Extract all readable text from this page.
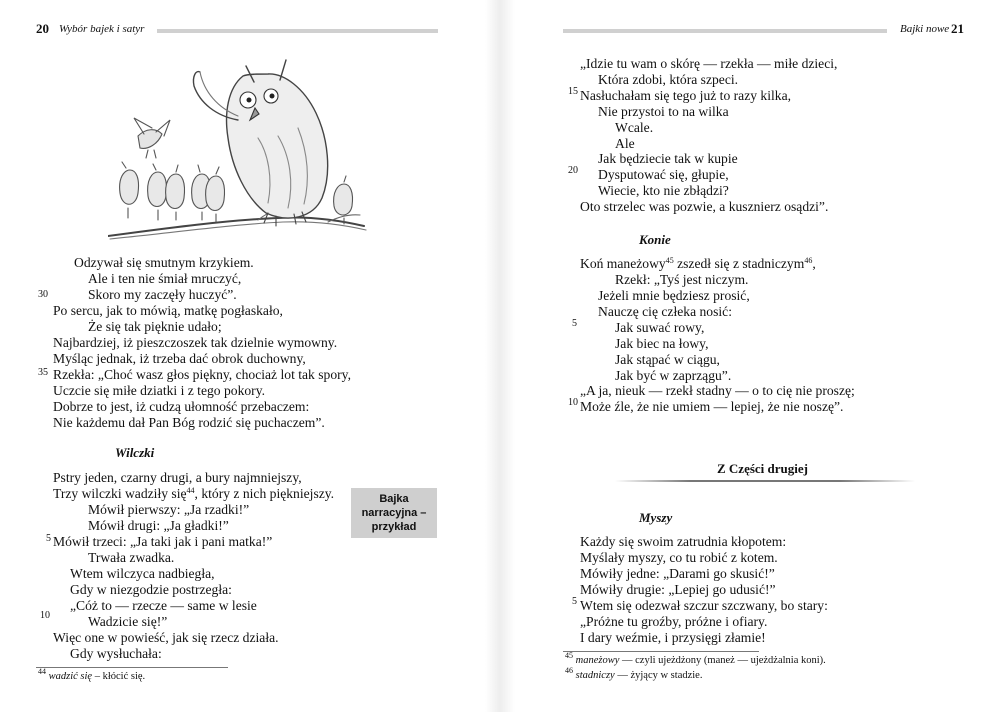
20 Wybór bajek i satyr
Odzywał się smutnym krzykiem.
Ale i ten nie śmiał mruczyć,
30	Skoro my zaczęły huczyć”.
Po sercu, jak to mówią, matkę pogłaskało,
Że się tak pięknie udało;
Najbardziej, iż pieszczoszek tak dzielnie wymowny.
Myśląc jednak, iż trzeba dać obrok duchowny,
35 Rzekła: „Choć wasz głos piękny, chociaż lot tak spory,
Uczcie się miłe dziatki i z tego pokory.
Dobrze to jest, iż cudzą ułomność przebaczem:
Nie każdemu dał Pan Bóg rodzić się puchaczem”.
Wilczki
Pstry jeden, czarny drugi, a bury najmniejszy,
Trzy wilczki wadziły się$^{44}$, który z nich piękniejszy.
Mówił pierwszy: „Ja rzadki!”
Mówił drugi: „Ja gładki!”
5 Mówił trzeci: „Ja taki jak i pani matka!”
Trwała zwadka.
Wtem wilczyca nadbiegła,
Gdy w niezgodzie postrzegła:
„Cóż to — rzecze — same w lesie
10	Wadzicie się!”
Więc one w powieść, jak się rzecz działa.
Gdy wysłuchała:
Bajka
narracyjna –
przykład
$^{44}$ wadzić się – kłócić się.
Bajki nowe 21
„Idzie tu wam o skórę — rzekła — miłe dzieci,
Która zdobi, która szpeci.
15 Nasłuchałam się tego już to razy kilka,
Nie przystoi to na wilka
Wcale.
Ale
Jak będziecie tak w kupie
20 Dysputować się, głupie,
Wiecie, kto nie zbłądzi?
Oto strzelec was pozwie, a kusznierz osądzi”.
Konie
Koń maneżowy$^{45}$ zszedł się z stadniczym$^{46}$,
Rzekł: „Tyś jest niczym.
Jeżeli mnie będziesz prosić,
Nauczę cię człeka nosić:
5	Jak suwać rowy,
Jak biec na łowy,
Jak stąpać w ciągu,
Jak być w zaprzągu”.
„A ja, nieuk — rzekł stadny — o to cię nie proszę;
10 Może źle, że nie umiem — lepiej, że nie noszę”.
Z Części drugiej
Myszy
Każdy się swoim zatrudnia kłopotem:
Myślały myszy, co tu robić z kotem.
Mówiły jedne: „Darami go skusić!”
Mówiły drugie: „Lepiej go udusić!”
5 Wtem się odezwał szczur szczwany, bo stary:
„Próżne tu groźby, próżne i ofiary.
I dary weźmie, i przysięgi złamie!
$^{45}$ maneżowy — czyli ujeżdżony (maneż — ujeżdżalnia koni).
$^{46}$ stadniczy — żyjący w stadzie.
